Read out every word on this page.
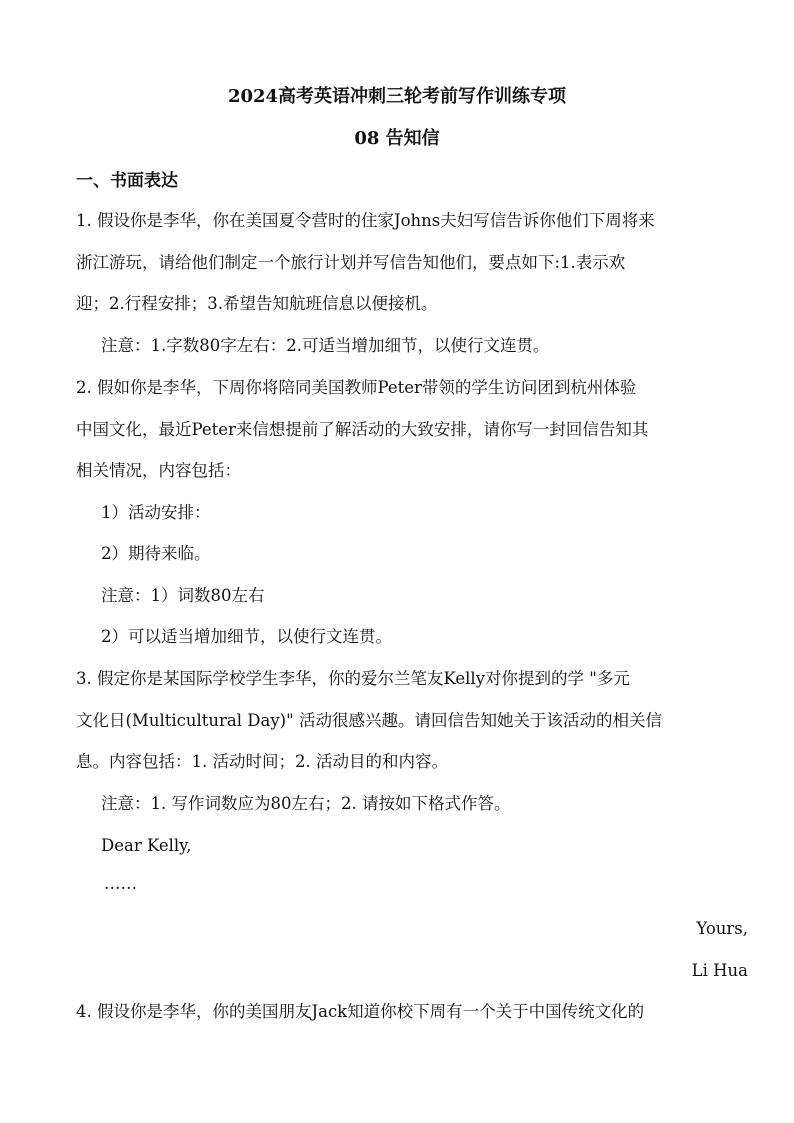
2024高考英语冲刺三轮考前写作训练专项
08 告知信
一、书面表达
1. 假设你是李华，你在美国夏令营时的住家Johns夫妇写信告诉你他们下周将来
浙江游玩，请给他们制定一个旅行计划并写信告知他们，要点如下:1.表示欢
迎；2.行程安排；3.希望告知航班信息以便接机。
注意：1.字数80字左右：2.可适当增加细节，以使行文连贯。
2. 假如你是李华，下周你将陪同美国教师Peter带领的学生访问团到杭州体验
中国文化，最近Peter来信想提前了解活动的大致安排，请你写一封回信告知其
相关情况，内容包括：
1）活动安排：
2）期待来临。
注意：1）词数80左右
2）可以适当增加细节，以使行文连贯。
3. 假定你是某国际学校学生李华，你的爱尔兰笔友Kelly对你提到的学 "多元
文化日(Multicultural Day)" 活动很感兴趣。请回信告知她关于该活动的相关信
息。内容包括：1. 活动时间；2. 活动目的和内容。
注意：1. 写作词数应为80左右；2. 请按如下格式作答。
Dear Kelly,
……
Yours,
Li Hua
4. 假设你是李华，你的美国朋友Jack知道你校下周有一个关于中国传统文化的
